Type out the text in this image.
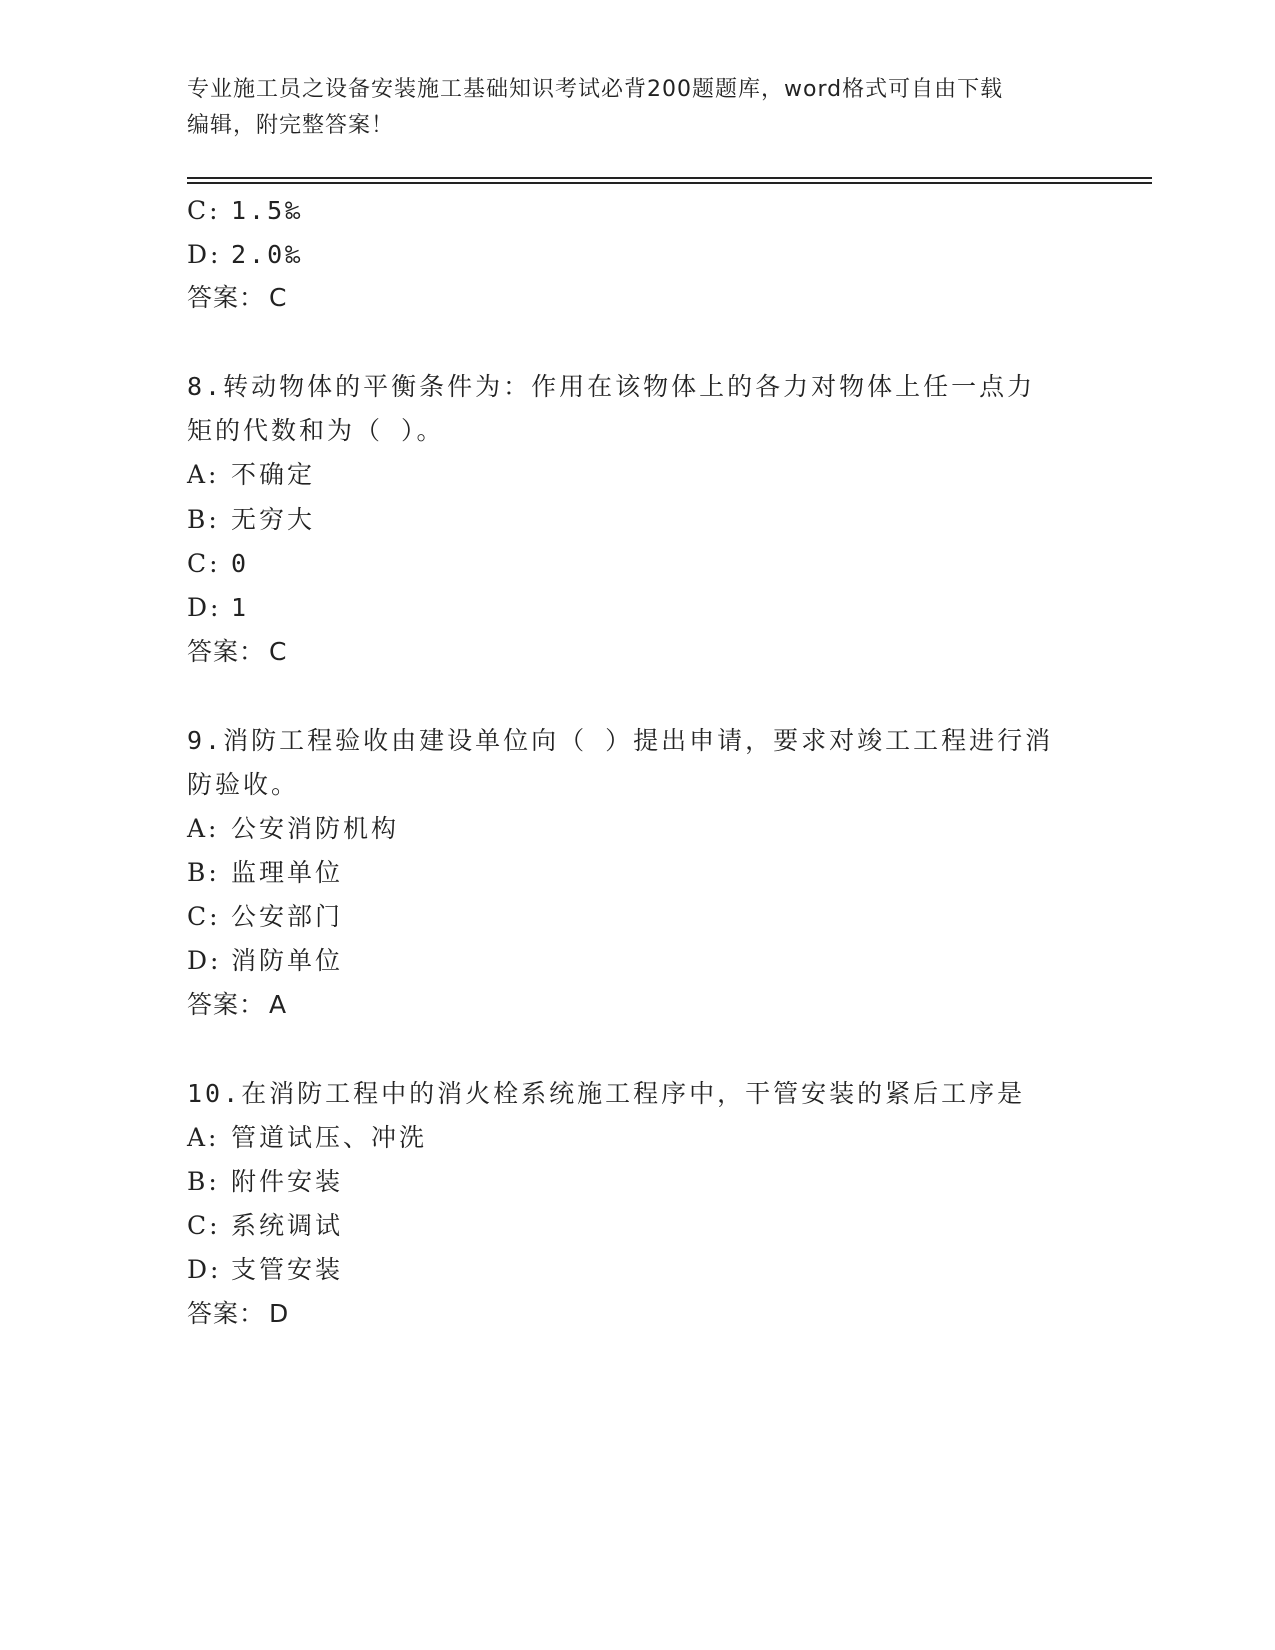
专业施工员之设备安装施工基础知识考试必背200题题库，word格式可自由下载
编辑，附完整答案！
C: 1.5‰
D: 2.0‰
答案： C
8.转动物体的平衡条件为：作用在该物体上的各力对物体上任一点力
矩的代数和为（ ）。
A: 不确定
B: 无穷大
C: 0
D: 1
答案： C
9.消防工程验收由建设单位向（ ）提出申请，要求对竣工工程进行消
防验收。
A: 公安消防机构
B: 监理单位
C: 公安部门
D: 消防单位
答案： A
10.在消防工程中的消火栓系统施工程序中，干管安装的紧后工序是
A: 管道试压、冲洗
B: 附件安装
C: 系统调试
D: 支管安装
答案： D
